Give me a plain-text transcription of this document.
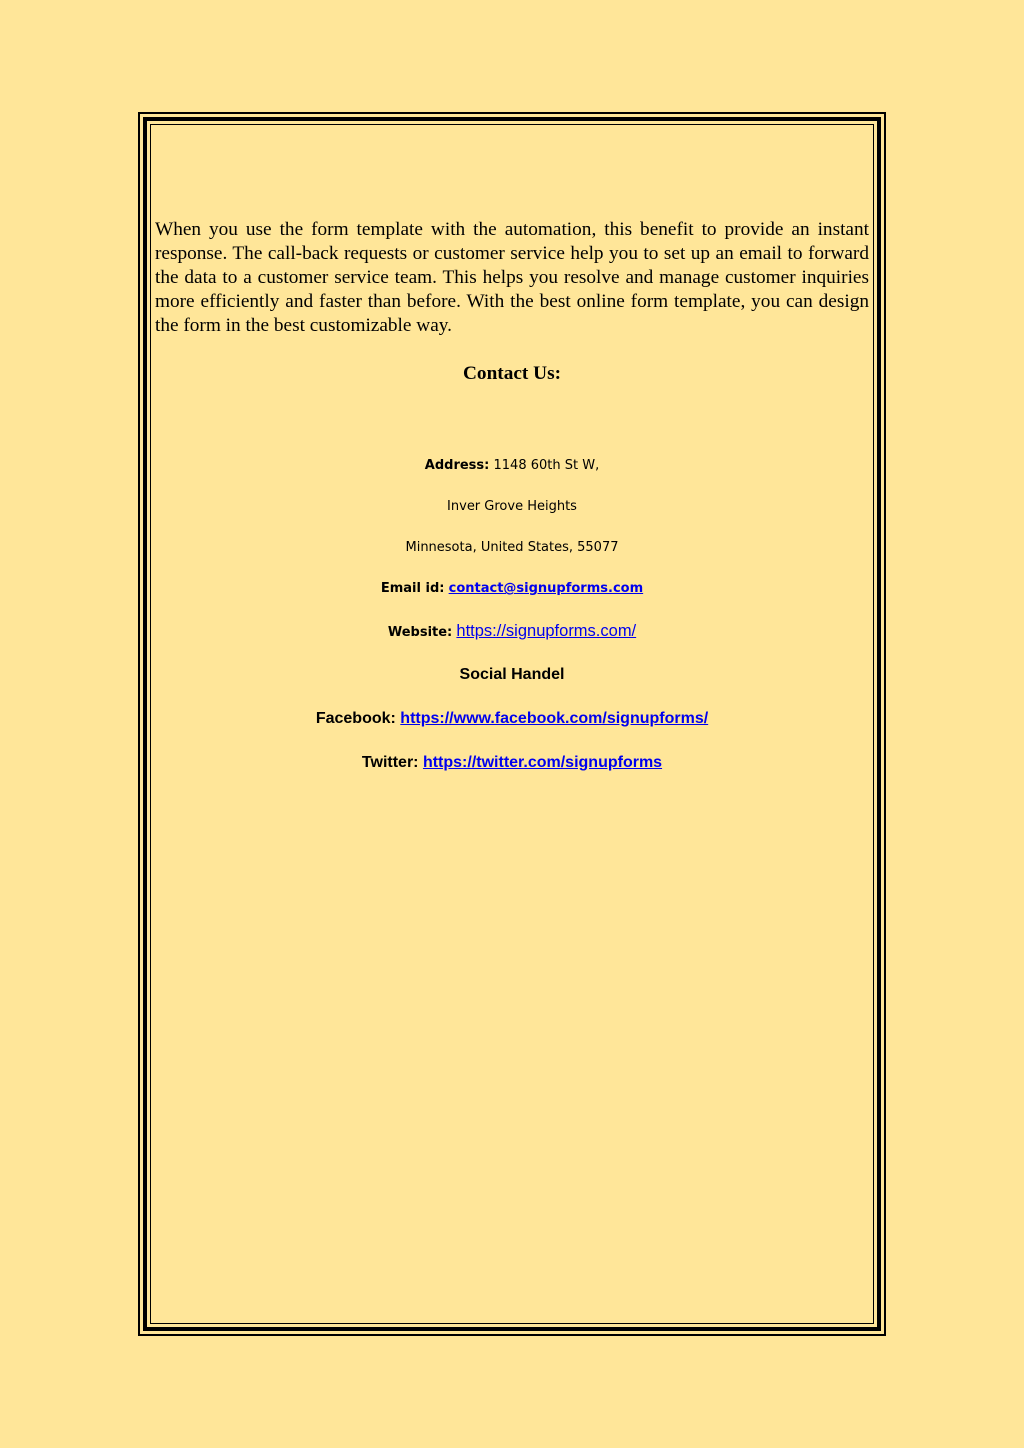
When you use the form template with the automation, this benefit to provide an instant response. The call-back requests or customer service help you to set up an email to forward the data to a customer service team. This helps you resolve and manage customer inquiries more efficiently and faster than before. With the best online form template, you can design the form in the best customizable way.

Contact Us:

Address: 1148 60th St W,

Inver Grove Heights

Minnesota, United States, 55077

Email id: contact@signupforms.com

Website: https://signupforms.com/

Social Handel

Facebook: https://www.facebook.com/signupforms/

Twitter: https://twitter.com/signupforms
